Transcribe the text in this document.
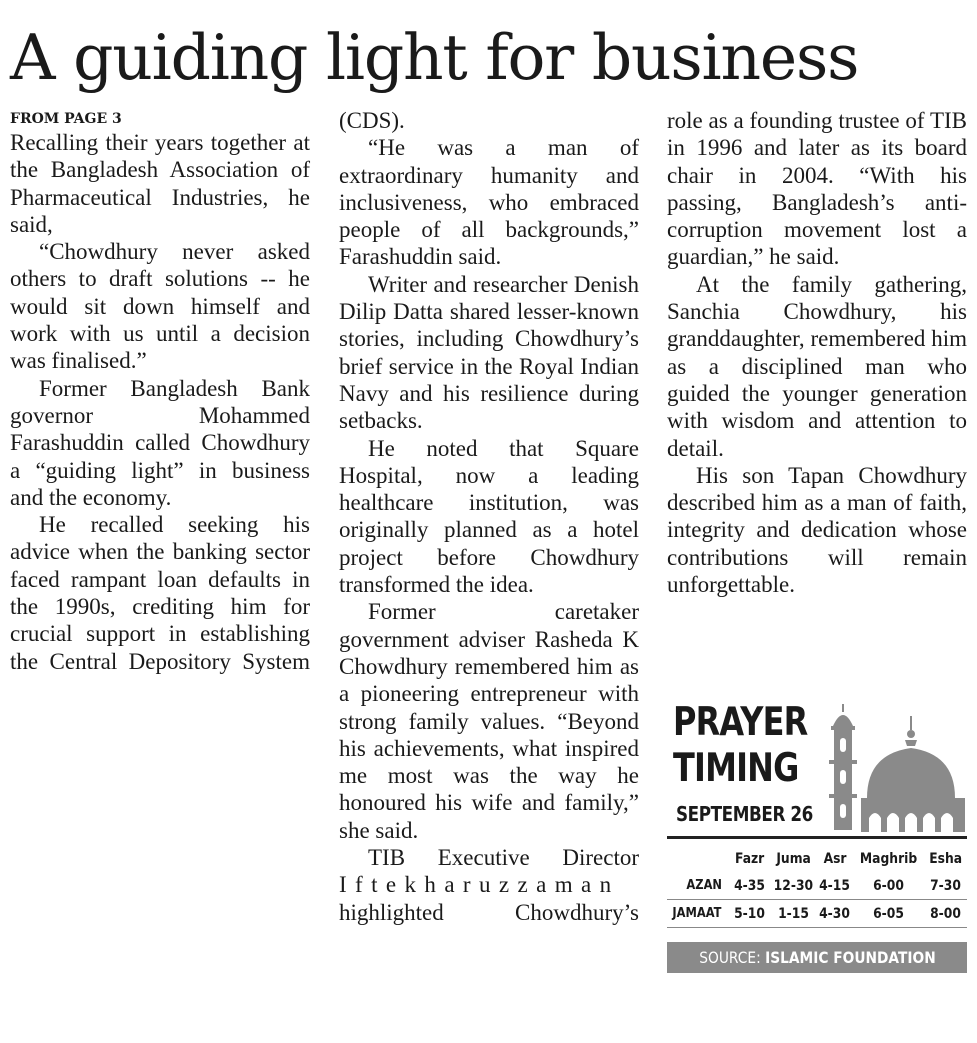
A guiding light for business
FROM PAGE 3

Recalling their years together at the Bangladesh Association of Pharmaceutical Industries, he said,

“Chowdhury never asked others to draft solutions -- he would sit down himself and work with us until a decision was finalised.”

Former Bangladesh Bank governor Mohammed Farashuddin called Chowdhury a “guiding light” in business and the economy.

He recalled seeking his advice when the banking sector faced rampant loan defaults in the 1990s, crediting him for crucial support in establishing the Central Depository System

(CDS).

“He was a man of extraordinary humanity and inclusiveness, who embraced people of all backgrounds,” Farashuddin said.

Writer and researcher Denish Dilip Datta shared lesser-known stories, including Chowdhury’s brief service in the Royal Indian Navy and his resilience during setbacks.

He noted that Square Hospital, now a leading healthcare institution, was originally planned as a hotel project before Chowdhury transformed the idea.

Former caretaker government adviser Rasheda K Chowdhury remembered him as a pioneering entrepreneur with strong family values. “Beyond his achievements, what inspired me most was the way he honoured his wife and family,” she said.

TIB Executive Director Iftekharuzzaman highlighted Chowdhury’s

role as a founding trustee of TIB in 1996 and later as its board chair in 2004. “With his passing, Bangladesh’s anti-corruption movement lost a guardian,” he said.

At the family gathering, Sanchia Chowdhury, his granddaughter, remembered him as a disciplined man who guided the younger generation with wisdom and attention to detail.

His son Tapan Chowdhury described him as a man of faith, integrity and dedication whose contributions will remain unforgettable.

PRAYER
TIMING
SEPTEMBER 26
	Fazr	Juma	Asr	Maghrib	Esha
AZAN	4-35	12-30	4-15	6-00	7-30
JAMAAT	5-10	1-15	4-30	6-05	8-00
SOURCE: ISLAMIC FOUNDATION
